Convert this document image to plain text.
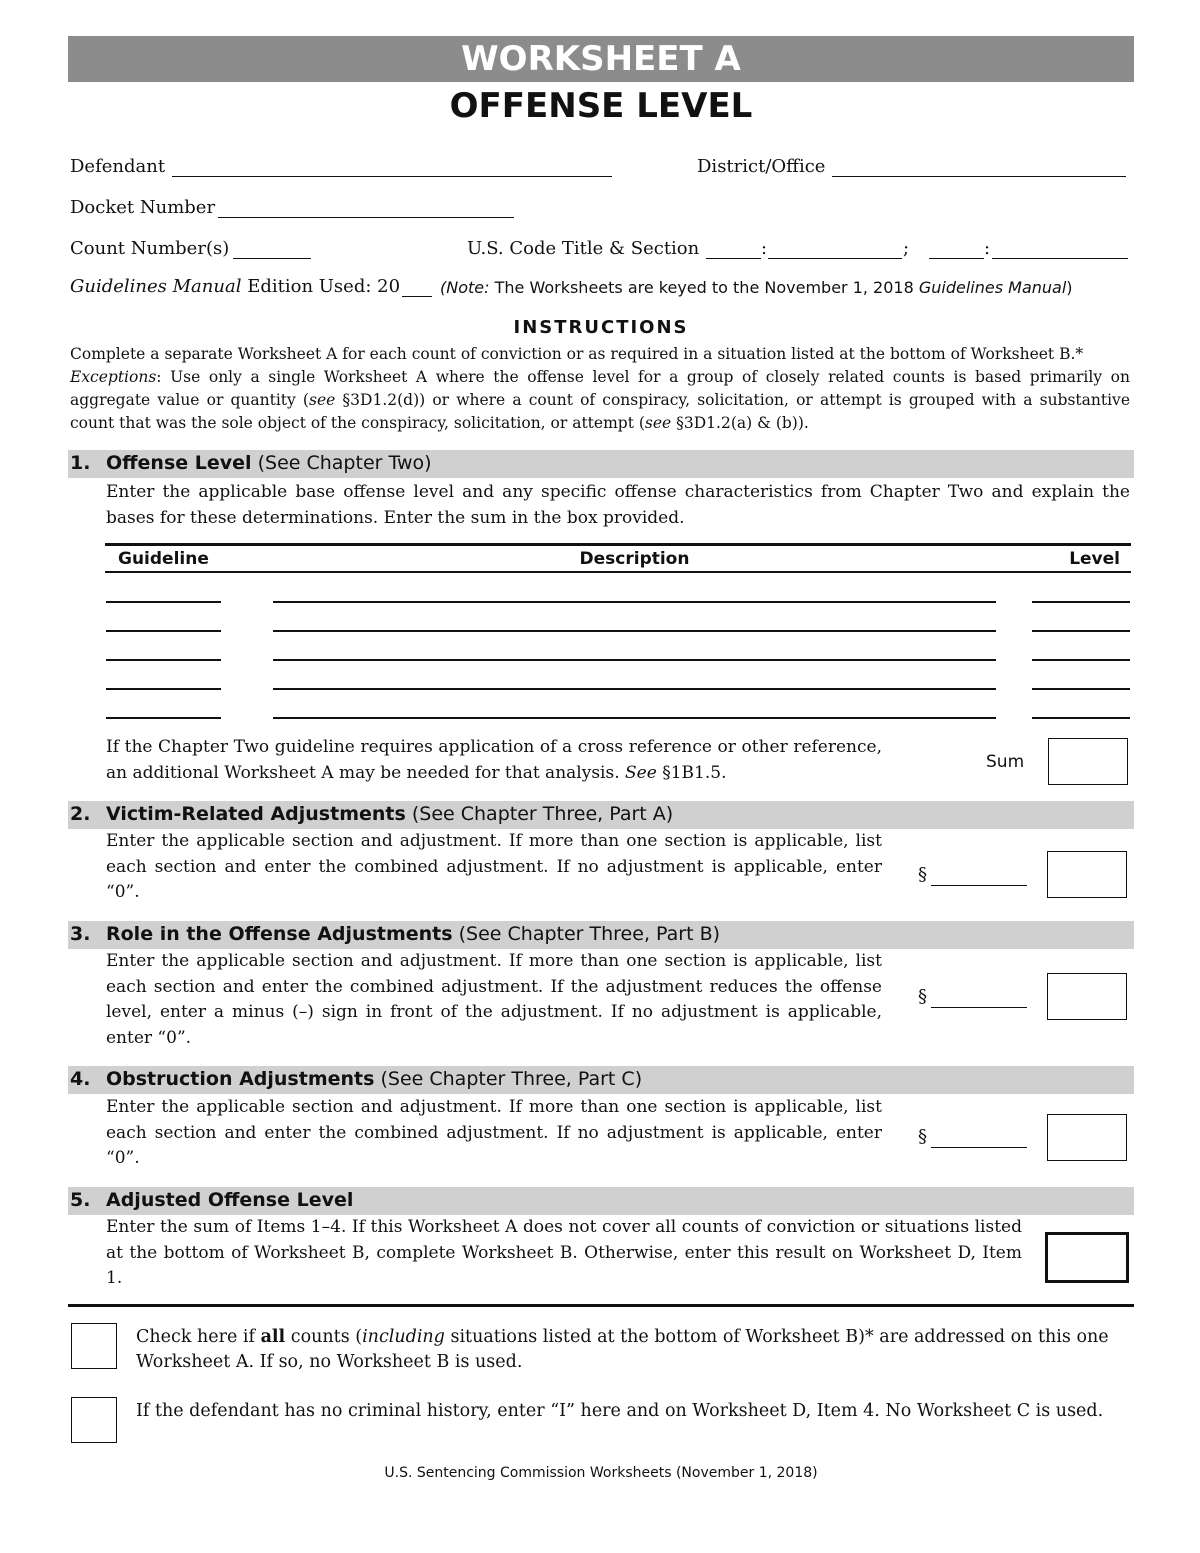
WORKSHEET A
OFFENSE LEVEL
Defendant	District/Office
Docket Number
Count Number(s)	U.S. Code Title & Section	:	;	:
Guidelines Manual Edition Used: 20 (Note: The Worksheets are keyed to the November 1, 2018 Guidelines Manual)
INSTRUCTIONS
Complete a separate Worksheet A for each count of conviction or as required in a situation listed at the bottom of Worksheet B.*
Exceptions: Use only a single Worksheet A where the offense level for a group of closely related counts is based primarily on aggregate value or quantity (see §3D1.2(d)) or where a count of conspiracy, solicitation, or attempt is grouped with a substantive count that was the sole object of the conspiracy, solicitation, or attempt (see §3D1.2(a) & (b)).
1. Offense Level (See Chapter Two)
Enter the applicable base offense level and any specific offense characteristics from Chapter Two and explain the bases for these determinations. Enter the sum in the box provided.
Guideline	Description	Level
If the Chapter Two guideline requires application of a cross reference or other reference, an additional Worksheet A may be needed for that analysis. See §1B1.5.
Sum
2. Victim-Related Adjustments (See Chapter Three, Part A)
Enter the applicable section and adjustment. If more than one section is applicable, list each section and enter the combined adjustment. If no adjustment is applicable, enter “0”.
§
3. Role in the Offense Adjustments (See Chapter Three, Part B)
Enter the applicable section and adjustment. If more than one section is applicable, list each section and enter the combined adjustment. If the adjustment reduces the offense level, enter a minus (–) sign in front of the adjustment. If no adjustment is applicable, enter “0”.
§
4. Obstruction Adjustments (See Chapter Three, Part C)
Enter the applicable section and adjustment. If more than one section is applicable, list each section and enter the combined adjustment. If no adjustment is applicable, enter “0”.
§
5. Adjusted Offense Level
Enter the sum of Items 1–4. If this Worksheet A does not cover all counts of conviction or situations listed at the bottom of Worksheet B, complete Worksheet B. Otherwise, enter this result on Worksheet D, Item 1.
Check here if all counts (including situations listed at the bottom of Worksheet B)* are addressed on this one Worksheet A. If so, no Worksheet B is used.
If the defendant has no criminal history, enter “I” here and on Worksheet D, Item 4. No Worksheet C is used.
U.S. Sentencing Commission Worksheets (November 1, 2018)
